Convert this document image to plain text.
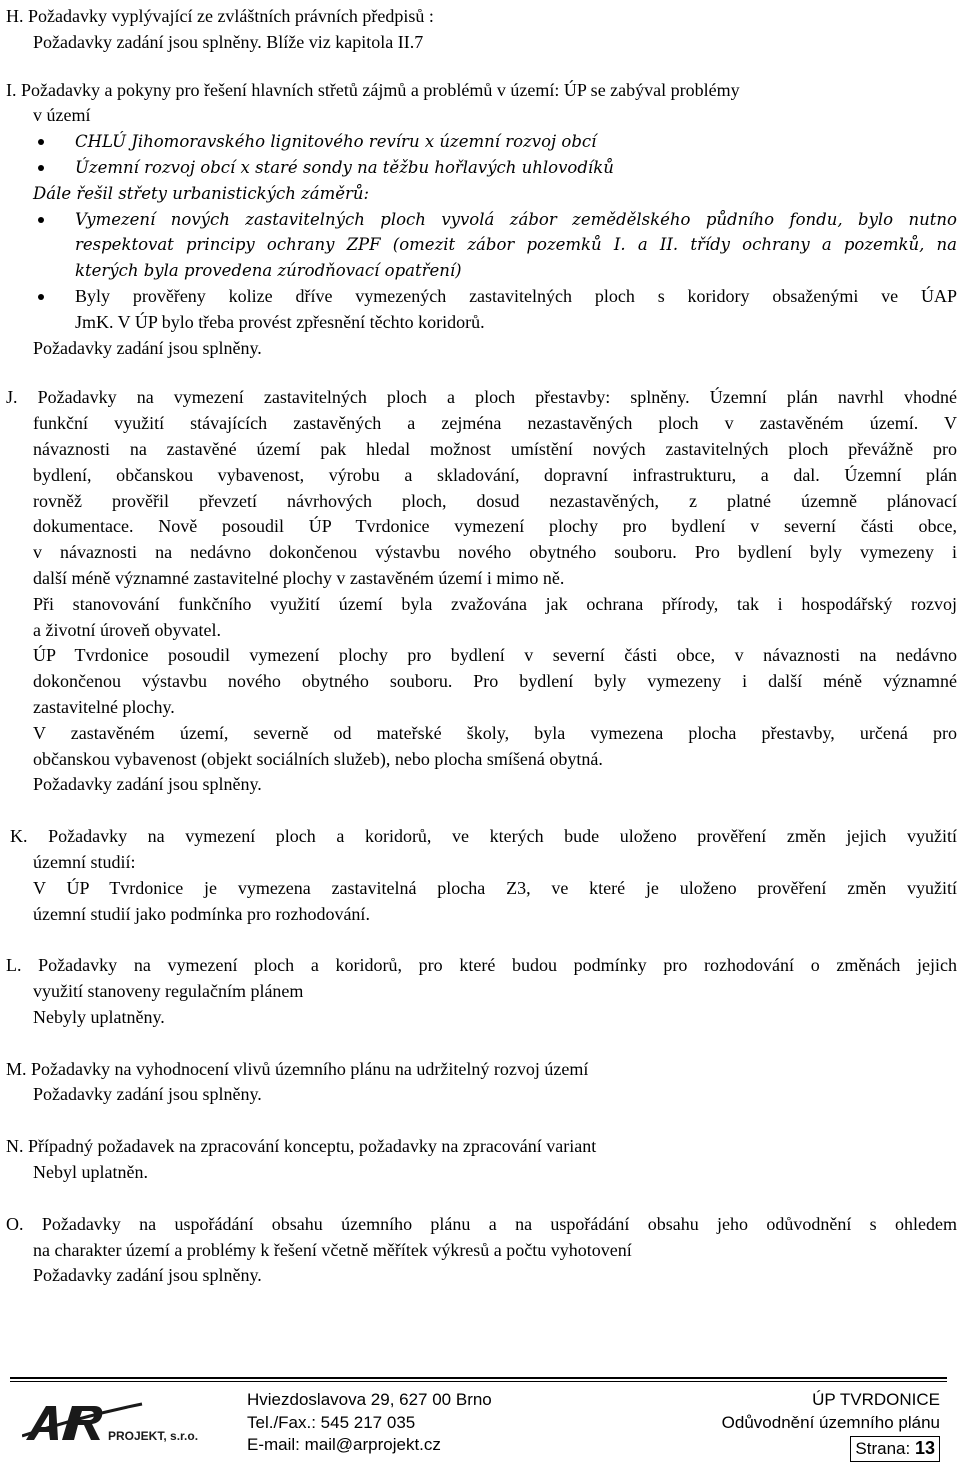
H. Požadavky vyplývající ze zvláštních právních předpisů :
Požadavky zadání jsou splněny. Blíže viz kapitola II.7
I. Požadavky a pokyny pro řešení hlavních střetů zájmů a problémů v území: ÚP se zabýval problémy
v území
CHLÚ Jihomoravského lignitového revíru x územní rozvoj obcí
Územní rozvoj obcí x staré sondy na těžbu hořlavých uhlovodíků
Dále řešil střety urbanistických záměrů:
Vymezení nových zastavitelných ploch vyvolá zábor zemědělského půdního fondu, bylo nutno
respektovat principy ochrany ZPF (omezit zábor pozemků I. a II. třídy ochrany a pozemků, na
kterých byla provedena zúrodňovací opatření)
Byly prověřeny kolize dříve vymezených zastavitelných ploch s koridory obsaženými ve ÚAP
JmK. V ÚP bylo třeba provést zpřesnění těchto koridorů.
Požadavky zadání jsou splněny.
J. Požadavky na vymezení zastavitelných ploch a ploch přestavby: splněny. Územní plán navrhl vhodné
funkční využití stávajících zastavěných a zejména nezastavěných ploch v zastavěném území. V
návaznosti na zastavěné území pak hledal možnost umístění nových zastavitelných ploch převážně pro
bydlení, občanskou vybavenost, výrobu a skladování, dopravní infrastrukturu, a dal. Územní plán
rovněž prověřil převzetí návrhových ploch, dosud nezastavěných, z platné územně plánovací
dokumentace. Nově posoudil ÚP Tvrdonice vymezení plochy pro bydlení v severní části obce,
v návaznosti na nedávno dokončenou výstavbu nového obytného souboru. Pro bydlení byly vymezeny i
další méně významné zastavitelné plochy v zastavěném území i mimo ně.
Při stanovování funkčního využití území byla zvažována jak ochrana přírody, tak i hospodářský rozvoj
a životní úroveň obyvatel.
ÚP Tvrdonice posoudil vymezení plochy pro bydlení v severní části obce, v návaznosti na nedávno
dokončenou výstavbu nového obytného souboru. Pro bydlení byly vymezeny i další méně významné
zastavitelné plochy.
V zastavěném území, severně od mateřské školy, byla vymezena plocha přestavby, určená pro
občanskou vybavenost (objekt sociálních služeb), nebo plocha smíšená obytná.
Požadavky zadání jsou splněny.
K. Požadavky na vymezení ploch a koridorů, ve kterých bude uloženo prověření změn jejich využití
územní studií:
V ÚP Tvrdonice je vymezena zastavitelná plocha Z3, ve které je uloženo prověření změn využití
územní studií jako podmínka pro rozhodování.
L. Požadavky na vymezení ploch a koridorů, pro které budou podmínky pro rozhodování o změnách jejich
využití stanoveny regulačním plánem
Nebyly uplatněny.
M. Požadavky na vyhodnocení vlivů územního plánu na udržitelný rozvoj území
Požadavky zadání jsou splněny.
N. Případný požadavek na zpracování konceptu, požadavky na zpracování variant
Nebyl uplatněn.
O. Požadavky na uspořádání obsahu územního plánu a na uspořádání obsahu jeho odůvodnění s ohledem
na charakter území a problémy k řešení včetně měřítek výkresů a počtu vyhotovení
Požadavky zadání jsou splněny.
PROJEKT, s.r.o.
Hviezdoslavova 29, 627 00 Brno
Tel./Fax.: 545 217 035
E-mail: mail@arprojekt.cz
ÚP TVRDONICE
Odůvodnění územního plánu
Strana: 13
